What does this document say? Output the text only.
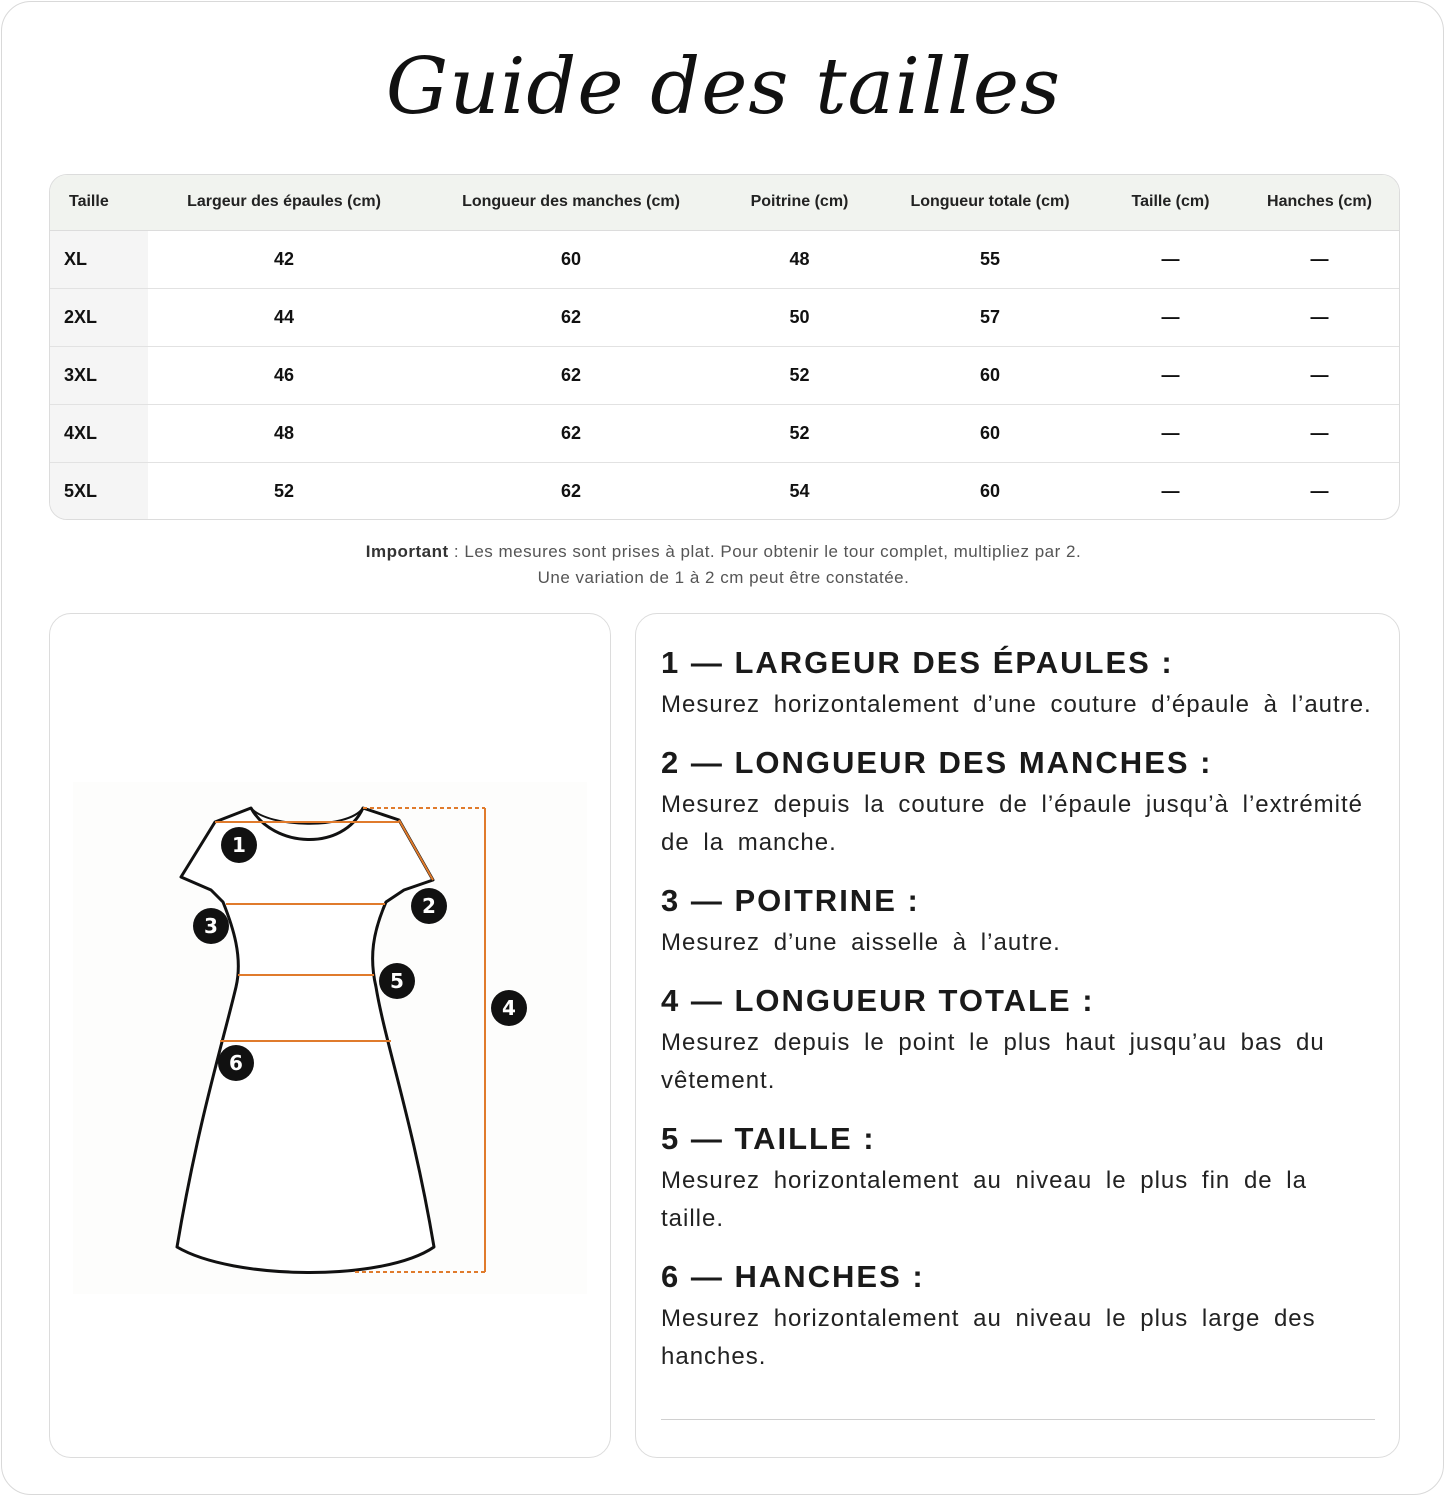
Guide des tailles
Taille	Largeur des épaules (cm)	Longueur des manches (cm)	Poitrine (cm)	Longueur totale (cm)	Taille (cm)	Hanches (cm)
XL	42	60	48	55	—	—
2XL	44	62	50	57	—	—
3XL	46	62	52	60	—	—
4XL	48	62	52	60	—	—
5XL	52	62	54	60	—	—
Important : Les mesures sont prises à plat. Pour obtenir le tour complet, multipliez par 2.
Une variation de 1 à 2 cm peut être constatée.
1
2
3
4
5
6
1 — LARGEUR DES ÉPAULES :

Mesurez horizontalement d’une couture d’épaule à l’autre.

2 — LONGUEUR DES MANCHES :

Mesurez depuis la couture de l’épaule jusqu’à l’extrémité de la manche.

3 — POITRINE :

Mesurez d’une aisselle à l’autre.

4 — LONGUEUR TOTALE :

Mesurez depuis le point le plus haut jusqu’au bas du vêtement.

5 — TAILLE :

Mesurez horizontalement au niveau le plus fin de la taille.

6 — HANCHES :

Mesurez horizontalement au niveau le plus large des hanches.
